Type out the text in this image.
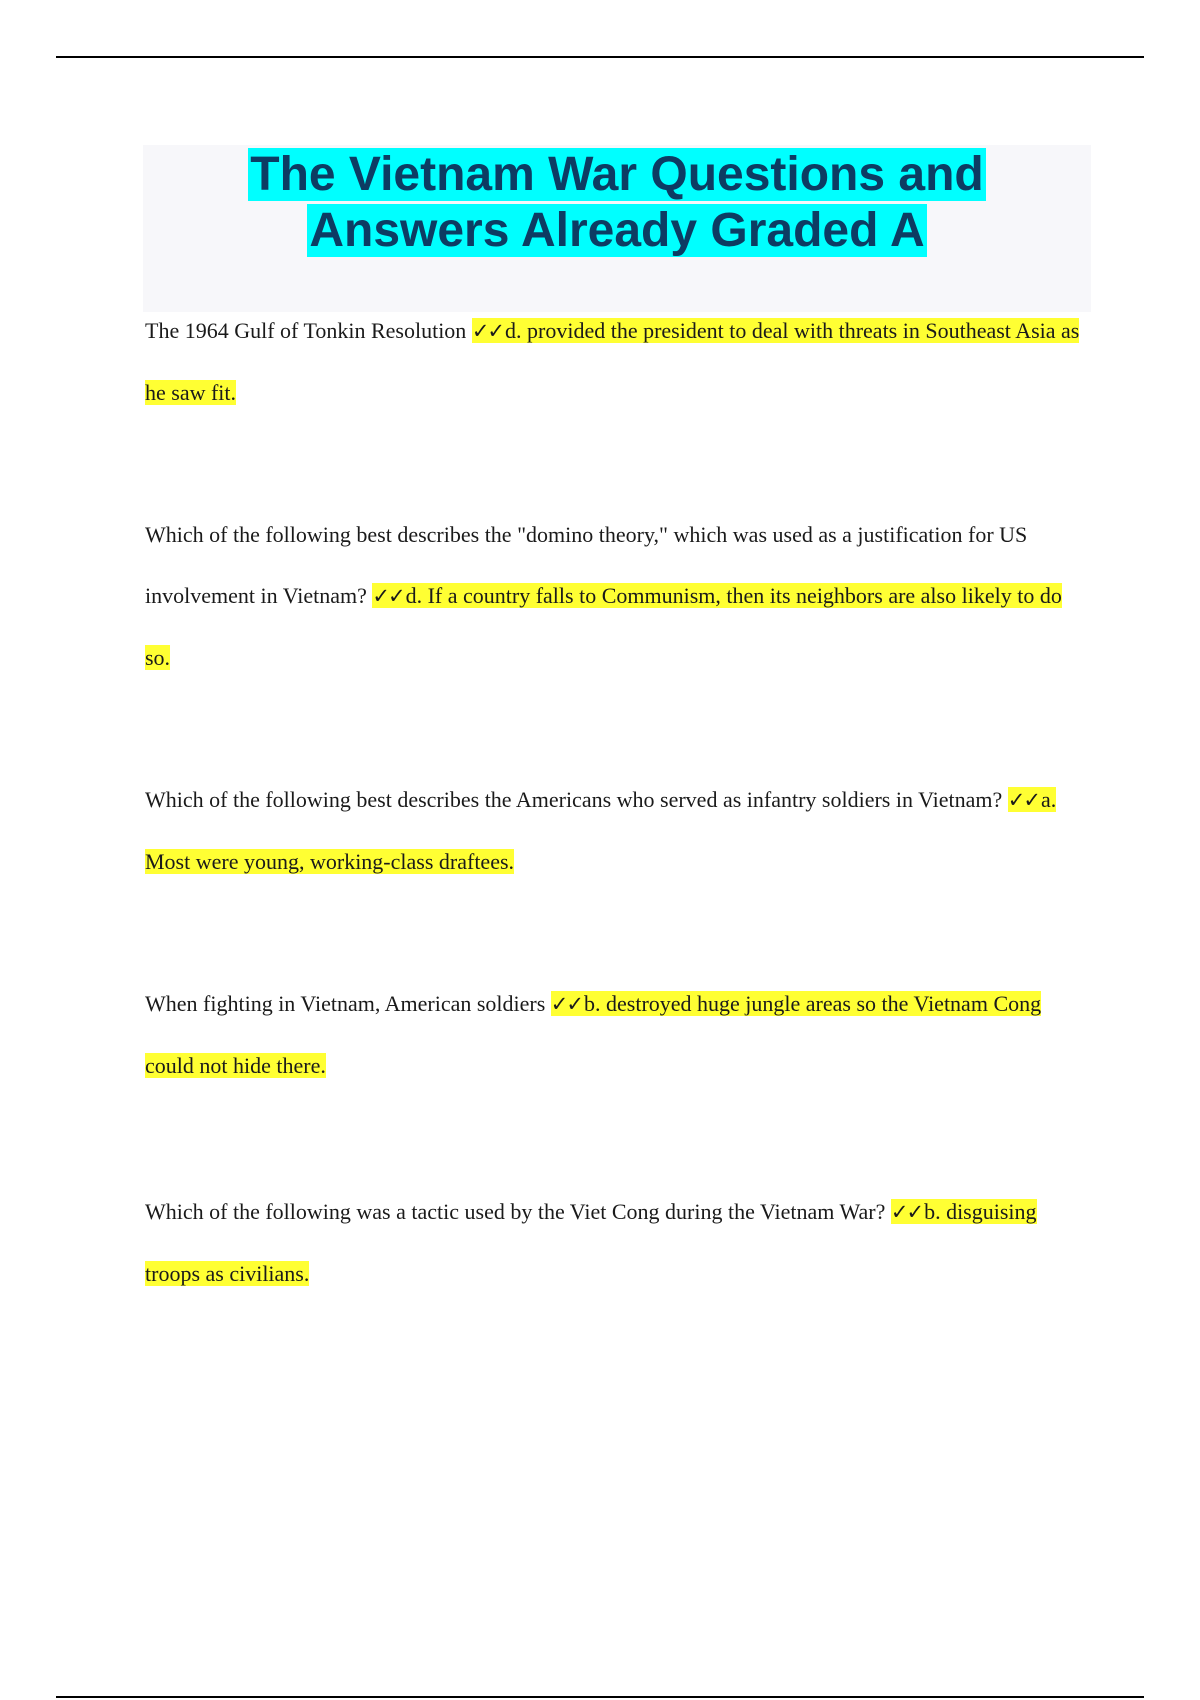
The Vietnam War Questions and
Answers Already Graded A

The 1964 Gulf of Tonkin Resolution ✓✓d. provided the president to deal with threats in Southeast Asia as he saw fit.

Which of the following best describes the "domino theory," which was used as a justification for US involvement in Vietnam? ✓✓d. If a country falls to Communism, then its neighbors are also likely to do so.

Which of the following best describes the Americans who served as infantry soldiers in Vietnam? ✓✓a. Most were young, working-class draftees.

When fighting in Vietnam, American soldiers ✓✓b. destroyed huge jungle areas so the Vietnam Cong could not hide there.

Which of the following was a tactic used by the Viet Cong during the Vietnam War? ✓✓b. disguising troops as civilians.
